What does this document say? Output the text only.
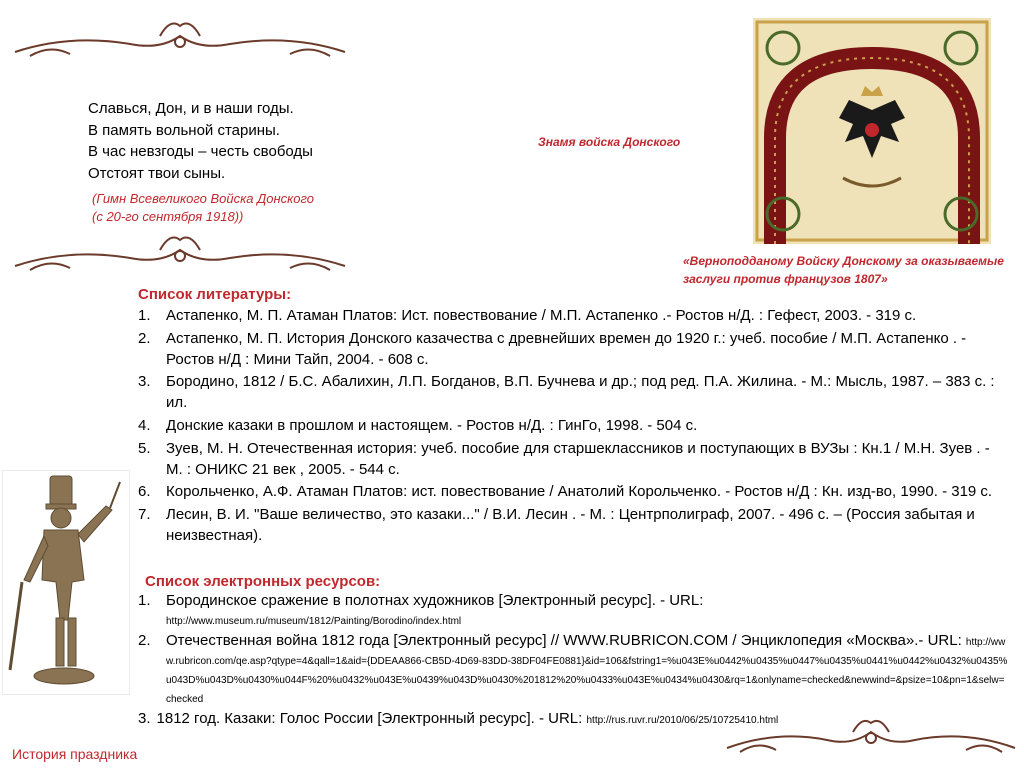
Славься, Дон, и в наши годы.
В память вольной старины.
В час невзгоды – честь свободы
Отстоят твои сыны.
(Гимн Всевеликого Войска Донского
(с 20-го сентября 1918))
Знамя войска Донского
«Верноподданому Войску Донскому за оказываемые заслуги против французов 1807»
Список литературы:
1. Астапенко, М. П. Атаман Платов: Ист. повествование / М.П. Астапенко .- Ростов н/Д. : Гефест, 2003. - 319 с.
2. Астапенко, М. П. История Донского казачества с древнейших времен до 1920 г.: учеб. пособие / М.П. Астапенко . - Ростов н/Д : Мини Тайп, 2004. - 608 с.
3. Бородино, 1812 / Б.С. Абалихин, Л.П. Богданов, В.П. Бучнева и др.; под ред. П.А. Жилина. - М.: Мысль, 1987. – 383 с. : ил.
4. Донские казаки в прошлом и настоящем. - Ростов н/Д. : ГинГо, 1998. - 504 с.
5. Зуев, М. Н. Отечественная история: учеб. пособие для старшеклассников и поступающих в ВУЗы : Кн.1 / М.Н. Зуев . - М. : ОНИКС 21 век , 2005. - 544 с.
6. Корольченко, А.Ф. Атаман Платов: ист. повествование / Анатолий Корольченко. - Ростов н/Д : Кн. изд-во, 1990. - 319 с.
7. Лесин, В. И. "Ваше величество, это казаки..." / В.И. Лесин . - М. : Центрполиграф, 2007. - 496 с. – (Россия забытая и неизвестная).
Список электронных ресурсов:
1. Бородинское сражение в полотнах художников [Электронный ресурс]. - URL:
http://www.museum.ru/museum/1812/Painting/Borodino/index.html
2. Отечественная война 1812 года [Электронный ресурс] // WWW.RUBRICON.COM / Энциклопедия «Москва».- URL: http://www.rubricon.com/qe.asp?qtype=4&qall=1&aid={DDEAA866-CB5D-4D69-83DD-38DF04FE0881}&id=106&fstring1=%u043E%u0442%u0435%u0447%u0435%u0441%u0442%u0432%u0435%u043D%u043D%u0430%u044F%20%u0432%u043E%u0439%u043D%u0430%201812%20%u0433%u043E%u0434%u0430&rq=1&onlyname=checked&newwind=&psize=10&pn=1&selw=checked
3. 1812 год. Казаки: Голос России [Электронный ресурс]. - URL: http://rus.ruvr.ru/2010/06/25/10725410.html
История праздника
